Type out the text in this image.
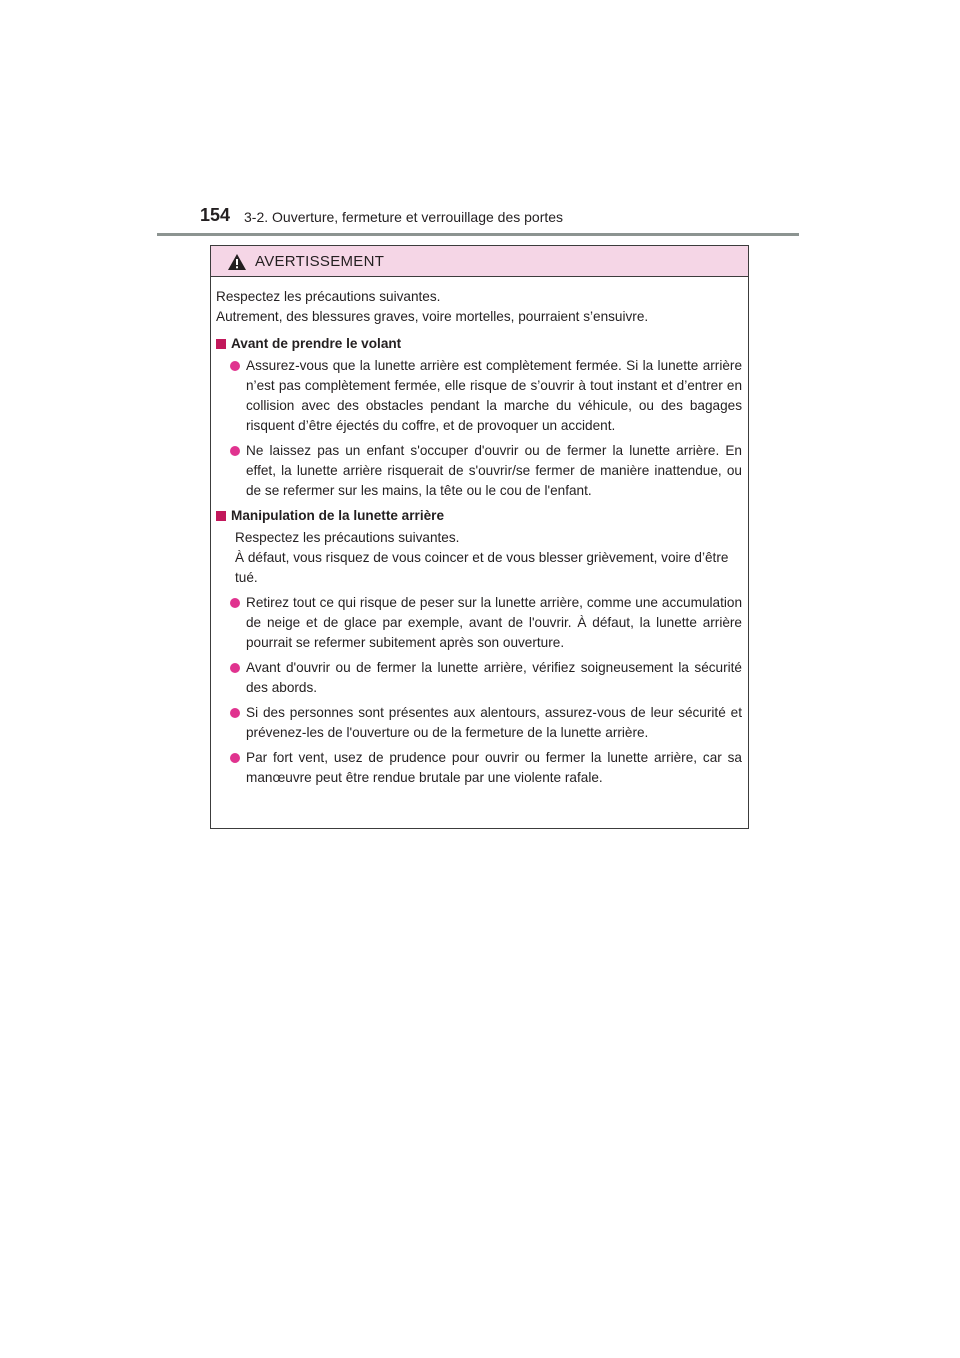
154 3-2. Ouverture, fermeture et verrouillage des portes
AVERTISSEMENT
Respectez les précautions suivantes.
Autrement, des blessures graves, voire mortelles, pourraient s’ensuivre.
Avant de prendre le volant
Assurez-vous que la lunette arrière est complètement fermée. Si la lunette arrière n’est pas complètement fermée, elle risque de s’ouvrir à tout instant et d’entrer en collision avec des obstacles pendant la marche du véhicule, ou des bagages risquent d’être éjectés du coffre, et de provoquer un accident.
Ne laissez pas un enfant s'occuper d'ouvrir ou de fermer la lunette arrière. En effet, la lunette arrière risquerait de s'ouvrir/se fermer de manière inattendue, ou de se refermer sur les mains, la tête ou le cou de l'enfant.
Manipulation de la lunette arrière
Respectez les précautions suivantes.
À défaut, vous risquez de vous coincer et de vous blesser grièvement, voire d’être tué.
Retirez tout ce qui risque de peser sur la lunette arrière, comme une accumulation de neige et de glace par exemple, avant de l'ouvrir. À défaut, la lunette arrière pourrait se refermer subitement après son ouverture.
Avant d'ouvrir ou de fermer la lunette arrière, vérifiez soigneusement la sécurité des abords.
Si des personnes sont présentes aux alentours, assurez-vous de leur sécurité et prévenez-les de l'ouverture ou de la fermeture de la lunette arrière.
Par fort vent, usez de prudence pour ouvrir ou fermer la lunette arrière, car sa manœuvre peut être rendue brutale par une violente rafale.
